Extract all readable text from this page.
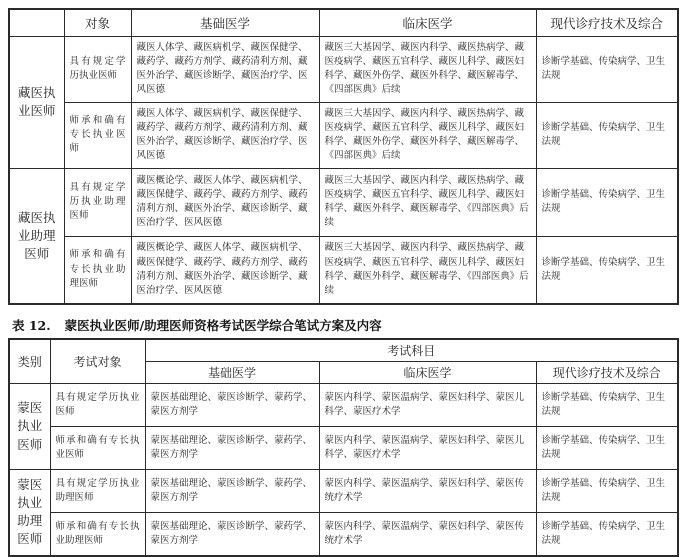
	对象	基础医学	临床医学	现代诊疗技术及综合
藏医执业医师	具有规定学历执业医师	藏医人体学、藏医病机学、藏医保健学、藏药学、藏药方剂学、藏药清利方剂、藏医外治学、藏医诊断学、藏医治疗学、医风医德	藏医三大基因学、藏医内科学、藏医热病学、藏医疫病学、藏医五官科学、藏医儿科学、藏医妇科学、藏医外伤学、藏医外科学、藏医解毒学、《四部医典》后续	诊断学基础、传染病学、卫生法规
	师承和确有专长执业医师	藏医人体学、藏医病机学、藏医保健学、藏药学、藏药方剂学、藏药清利方剂、藏医外治学、藏医诊断学、藏医治疗学、医风医德	藏医三大基因学、藏医内科学、藏医热病学、藏医疫病学、藏医五官科学、藏医儿科学、藏医妇科学、藏医外伤学、藏医外科学、藏医解毒学、《四部医典》后续	诊断学基础、传染病学、卫生法规
藏医执业助理医师	具有规定学历执业助理医师	藏医概论学、藏医人体学、藏医病机学、藏医保健学、藏药学、藏药方剂学、藏药清利方剂、藏医外治学、藏医诊断学、藏医治疗学、医风医德	藏医三大基因学、藏医内科学、藏医热病学、藏医疫病学、藏医五官科学、藏医儿科学、藏医妇科学、藏医外科学、藏医解毒学、《四部医典》后续	诊断学基础、传染病学、卫生法规
	师承和确有专长执业助理医师	藏医概论学、藏医人体学、藏医病机学、藏医保健学、藏药学、藏药方剂学、藏药清利方剂、藏医外治学、藏医诊断学、藏医治疗学、医风医德	藏医三大基因学、藏医内科学、藏医热病学、藏医疫病学、藏医五官科学、藏医儿科学、藏医妇科学、藏医外科学、藏医解毒学、《四部医典》后续	诊断学基础、传染病学、卫生法规
表 12. 蒙医执业医师/助理医师资格考试医学综合笔试方案及内容
类别	考试对象	考试科目		
		基础医学	临床医学	现代诊疗技术及综合
蒙医执业医师	具有规定学历执业医师	蒙医基础理论、蒙医诊断学、蒙药学、蒙医方剂学	蒙医内科学、蒙医温病学、蒙医妇科学、蒙医儿科学、蒙医疗术学	诊断学基础、传染病学、卫生法规
	师承和确有专长执业医师	蒙医基础理论、蒙医诊断学、蒙药学、蒙医方剂学	蒙医内科学、蒙医温病学、蒙医妇科学、蒙医儿科学、蒙医疗术学	诊断学基础、传染病学、卫生法规
蒙医执业助理医师	具有规定学历执业助理医师	蒙医基础理论、蒙医诊断学、蒙药学、蒙医方剂学	蒙医内科学、蒙医温病学、蒙医妇科学、蒙医传统疗术学	诊断学基础、传染病学、卫生法规
	师承和确有专长执业助理医师	蒙医基础理论、蒙医诊断学、蒙药学、蒙医方剂学	蒙医内科学、蒙医温病学、蒙医妇科学、蒙医传统疗术学	诊断学基础、传染病学、卫生法规
